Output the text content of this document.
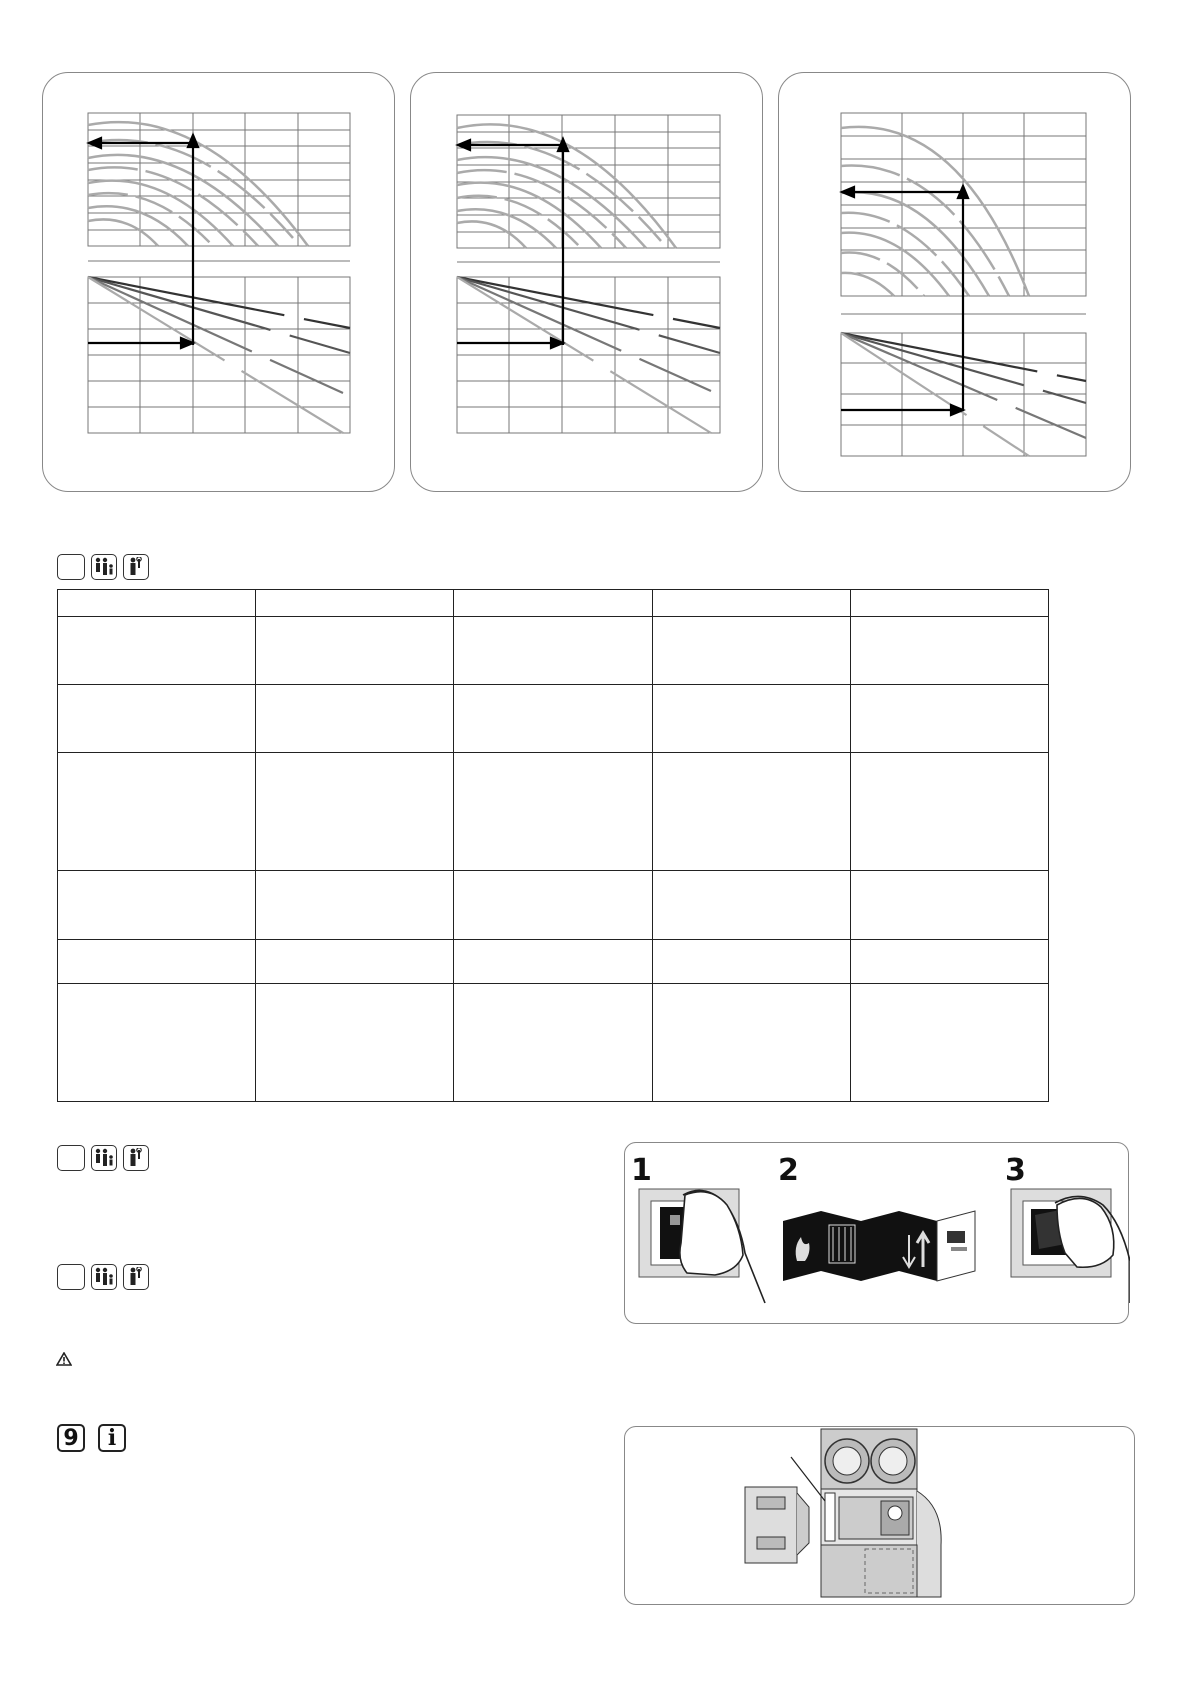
9 i
1	2	3
